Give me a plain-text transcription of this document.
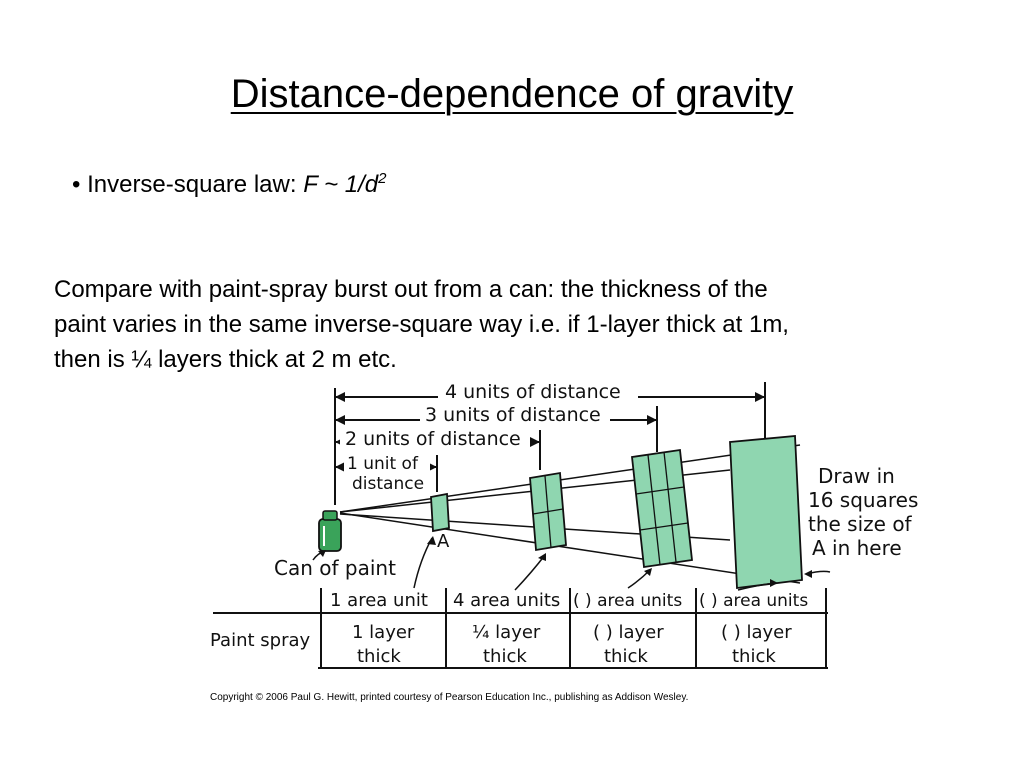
Distance-dependence of gravity
• Inverse-square law: F ~ $1/d^2$
Compare with paint-spray burst out from a can: the thickness of the
paint varies in the same inverse-square way i.e. if 1-layer thick at 1m,
then is ¼ layers thick at 2 m etc.
4 units of distance
3 units of distance
2 units of distance
1 unit of
distance
Can of paint
A
Draw in
16 squares
the size of
A in here
Paint spray
1 area unit 4 area units ( ) area units ( ) area units
1 layer
thick
¼ layer
thick
( ) layer
thick
( ) layer
thick
Copyright © 2006 Paul G. Hewitt, printed courtesy of Pearson Education Inc., publishing as Addison Wesley.
